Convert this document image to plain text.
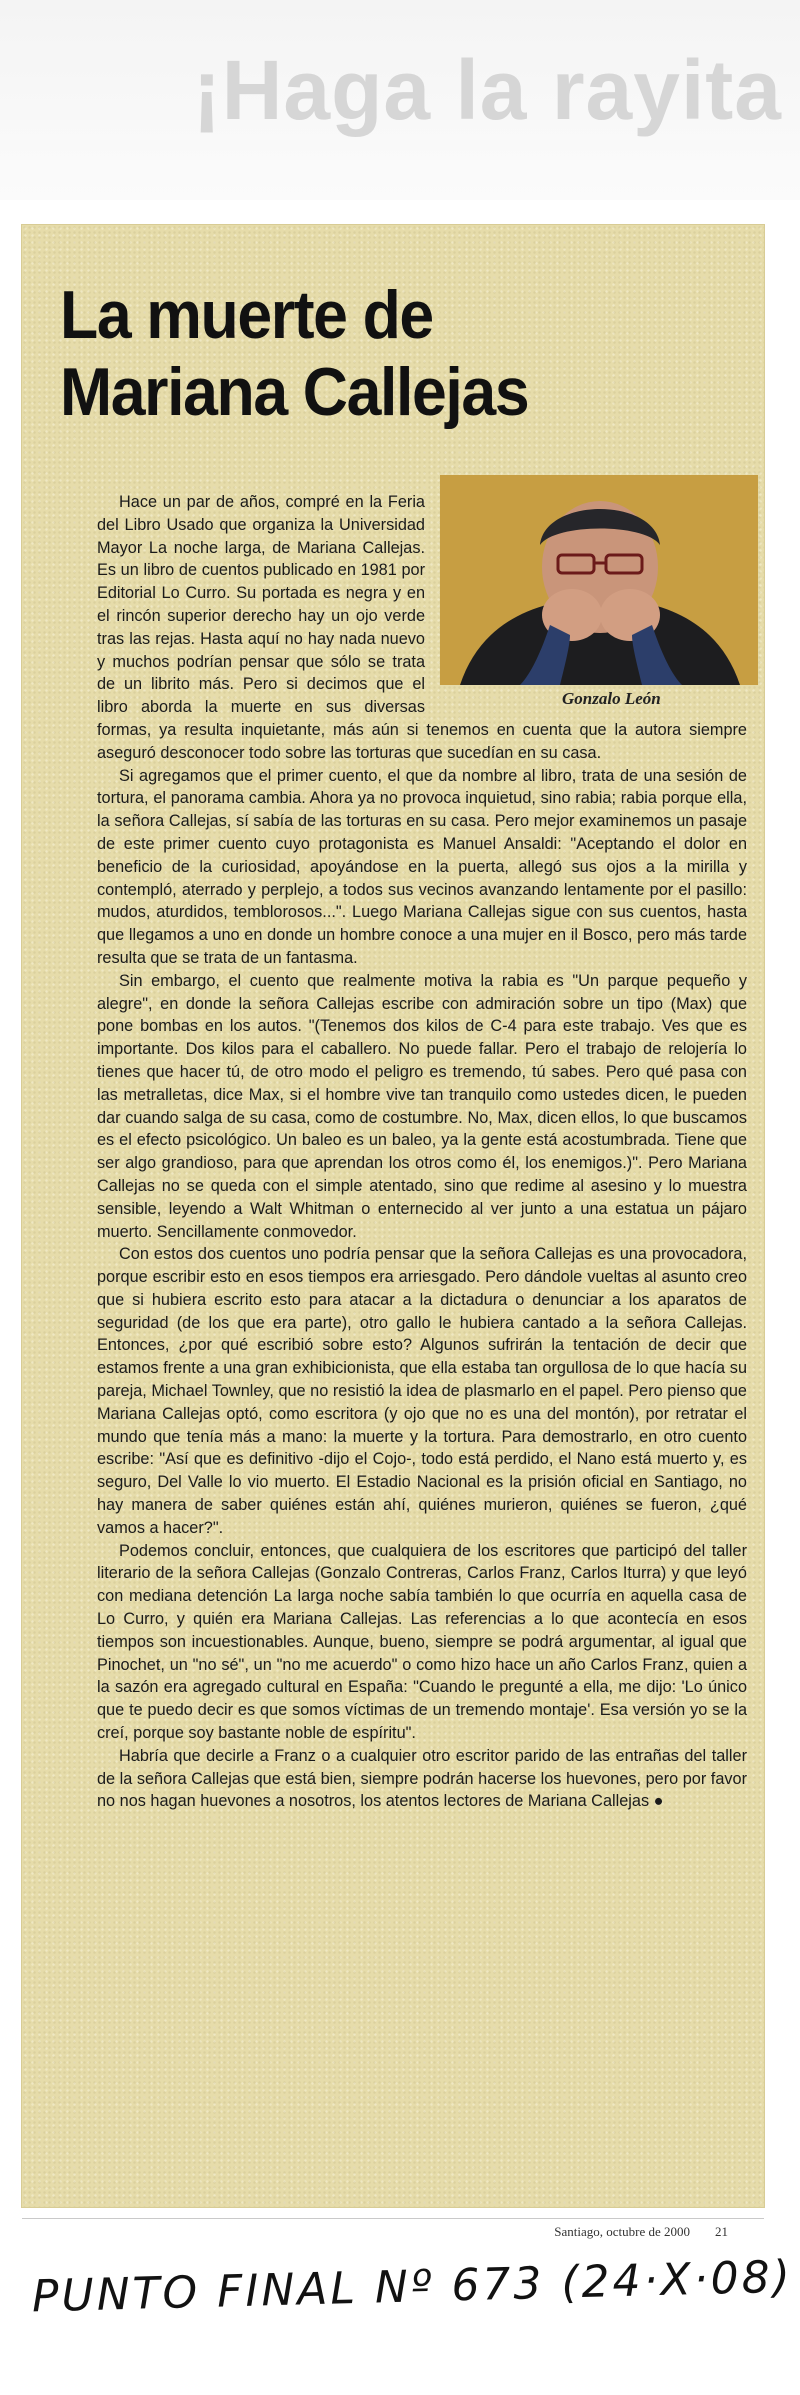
¡Haga la rayita
La muerte de Mariana Callejas

Hace un par de años, compré en la Feria del Libro Usado que organiza la Universidad Mayor La noche larga, de Mariana Callejas. Es un libro de cuentos publicado en 1981 por Editorial Lo Curro. Su portada es negra y en el rincón superior derecho hay un ojo verde tras las rejas. Hasta aquí no hay nada nuevo y muchos podrían pensar que sólo se trata de un librito más. Pero si decimos que el libro aborda la muerte en sus diversas formas, ya resulta inquietante, más aún si tenemos en cuenta que la autora siempre aseguró desconocer todo sobre las torturas que sucedían en su casa.

Si agregamos que el primer cuento, el que da nombre al libro, trata de una sesión de tortura, el panorama cambia. Ahora ya no provoca inquietud, sino rabia; rabia porque ella, la señora Callejas, sí sabía de las torturas en su casa. Pero mejor examinemos un pasaje de este primer cuento cuyo protagonista es Manuel Ansaldi: "Aceptando el dolor en beneficio de la curiosidad, apoyándose en la puerta, allegó sus ojos a la mirilla y contempló, aterrado y perplejo, a todos sus vecinos avanzando lentamente por el pasillo: mudos, aturdidos, temblorosos...". Luego Mariana Callejas sigue con sus cuentos, hasta que llegamos a uno en donde un hombre conoce a una mujer en il Bosco, pero más tarde resulta que se trata de un fantasma.

Sin embargo, el cuento que realmente motiva la rabia es "Un parque pequeño y alegre", en donde la señora Callejas escribe con admiración sobre un tipo (Max) que pone bombas en los autos. "(Tenemos dos kilos de C-4 para este trabajo. Ves que es importante. Dos kilos para el caballero. No puede fallar. Pero el trabajo de relojería lo tienes que hacer tú, de otro modo el peligro es tremendo, tú sabes. Pero qué pasa con las metralletas, dice Max, si el hombre vive tan tranquilo como ustedes dicen, le pueden dar cuando salga de su casa, como de costumbre. No, Max, dicen ellos, lo que buscamos es el efecto psicológico. Un baleo es un baleo, ya la gente está acostumbrada. Tiene que ser algo grandioso, para que aprendan los otros como él, los enemigos.)". Pero Mariana Callejas no se queda con el simple atentado, sino que redime al asesino y lo muestra sensible, leyendo a Walt Whitman o enternecido al ver junto a una estatua un pájaro muerto. Sencillamente conmovedor.

Con estos dos cuentos uno podría pensar que la señora Callejas es una provocadora, porque escribir esto en esos tiempos era arriesgado. Pero dándole vueltas al asunto creo que si hubiera escrito esto para atacar a la dictadura o denunciar a los aparatos de seguridad (de los que era parte), otro gallo le hubiera cantado a la señora Callejas. Entonces, ¿por qué escribió sobre esto? Algunos sufrirán la tentación de decir que estamos frente a una gran exhibicionista, que ella estaba tan orgullosa de lo que hacía su pareja, Michael Townley, que no resistió la idea de plasmarlo en el papel. Pero pienso que Mariana Callejas optó, como escritora (y ojo que no es una del montón), por retratar el mundo que tenía más a mano: la muerte y la tortura. Para demostrarlo, en otro cuento escribe: "Así que es definitivo -dijo el Cojo-, todo está perdido, el Nano está muerto y, es seguro, Del Valle lo vio muerto. El Estadio Nacional es la prisión oficial en Santiago, no hay manera de saber quiénes están ahí, quiénes murieron, quiénes se fueron, ¿qué vamos a hacer?".

Podemos concluir, entonces, que cualquiera de los escritores que participó del taller literario de la señora Callejas (Gonzalo Contreras, Carlos Franz, Carlos Iturra) y que leyó con mediana detención La larga noche sabía también lo que ocurría en aquella casa de Lo Curro, y quién era Mariana Callejas. Las referencias a lo que acontecía en esos tiempos son incuestionables. Aunque, bueno, siempre se podrá argumentar, al igual que Pinochet, un "no sé", un "no me acuerdo" o como hizo hace un año Carlos Franz, quien a la sazón era agregado cultural en España: "Cuando le pregunté a ella, me dijo: 'Lo único que te puedo decir es que somos víctimas de un tremendo montaje'. Esa versión yo se la creí, porque soy bastante noble de espíritu".

Habría que decirle a Franz o a cualquier otro escritor parido de las entrañas del taller de la señora Callejas que está bien, siempre podrán hacerse los huevones, pero por favor no nos hagan huevones a nosotros, los atentos lectores de Mariana Callejas ●

Gonzalo León
Santiago, octubre de 2000 21
PUNTO FINAL Nº 673 (24·X·08)
